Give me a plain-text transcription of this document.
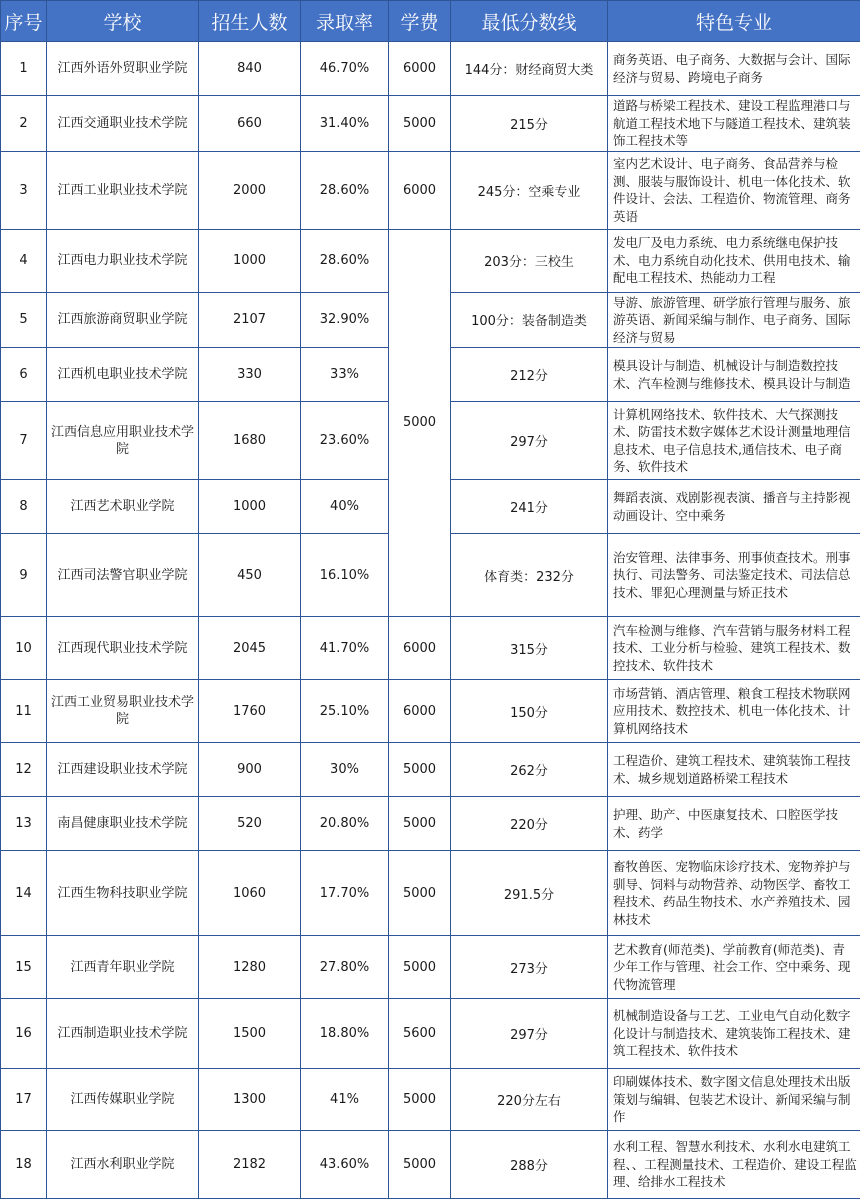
序号	学校	招生人数	录取率	学费	最低分数线	特色专业
1	江西外语外贸职业学院	840	46.70%	6000	144分：财经商贸大类	商务英语、电子商务、大数据与会计、国际经济与贸易、跨境电子商务
2	江西交通职业技术学院	660	31.40%	5000	215分	道路与桥梁工程技术、建设工程监理港口与航道工程技术地下与隧道工程技术、建筑装饰工程技术等
3	江西工业职业技术学院	2000	28.60%	6000	245分：空乘专业	室内艺术设计、电子商务、食品营养与检测、服装与服饰设计、机电一体化技术、软件设计、会法、工程造价、物流管理、商务英语
4	江西电力职业技术学院	1000	28.60%	5000	203分：三校生	发电厂及电力系统、电力系统继电保护技术、电力系统自动化技术、供用电技术、输配电工程技术、热能动力工程
5	江西旅游商贸职业学院	2107	32.90%		100分：装备制造类	导游、旅游管理、研学旅行管理与服务、旅游英语、新闻采编与制作、电子商务、国际经济与贸易
6	江西机电职业技术学院	330	33%		212分	模具设计与制造、机械设计与制造数控技术、汽车检测与维修技术、模具设计与制造
7	江西信息应用职业技术学院	1680	23.60%		297分	计算机网络技术、软件技术、大气探测技术、防雷技术数字媒体艺术设计测量地理信息技术、电子信息技术,通信技术、电子商务、软件技术
8	江西艺术职业学院	1000	40%		241分	舞蹈表演、戏剧影视表演、播音与主持影视动画设计、空中乘务
9	江西司法警官职业学院	450	16.10%		体育类：232分	治安管理、法律事务、刑事侦查技术。刑事执行、司法警务、司法鉴定技术、司法信总技术、罪犯心理测量与矫正技术
10	江西现代职业技术学院	2045	41.70%	6000	315分	汽车检测与维修、汽车营销与服务材料工程技术、工业分析与检验、建筑工程技术、数控技术、软件技术
11	江西工业贸易职业技术学院	1760	25.10%	6000	150分	市场营销、酒店管理、粮食工程技术物联网应用技术、数控技术、机电一体化技术、计算机网络技术
12	江西建设职业技术学院	900	30%	5000	262分	工程造价、建筑工程技术、建筑装饰工程技术、城乡规划道路桥梁工程技术
13	南昌健康职业技术学院	520	20.80%	5000	220分	护理、助产、中医康复技术、口腔医学技术、药学
14	江西生物科技职业学院	1060	17.70%	5000	291.5分	畜牧兽医、宠物临床诊疗技术、宠物养护与驯导、饲料与动物营养、动物医学、畜牧工程技术、药品生物技术、水产养殖技术、园林技术
15	江西青年职业学院	1280	27.80%	5000	273分	艺术教育(师范类)、学前教育(师范类)、青少年工作与管理、社会工作、空中乘务、现代物流管理
16	江西制造职业技术学院	1500	18.80%	5600	297分	机械制造设备与工艺、工业电气自动化数字化设计与制造技术、建筑装饰工程技术、建筑工程技术、软件技术
17	江西传媒职业学院	1300	41%	5000	220分左右	印刷媒体技术、数字图文信息处理技术出版策划与编辑、包装艺术设计、新闻采编与制作
18	江西水利职业学院	2182	43.60%	5000	288分	水利工程、智慧水利技术、水利水电建筑工程、、工程测量技术、工程造价、建设工程监理、给排水工程技术
